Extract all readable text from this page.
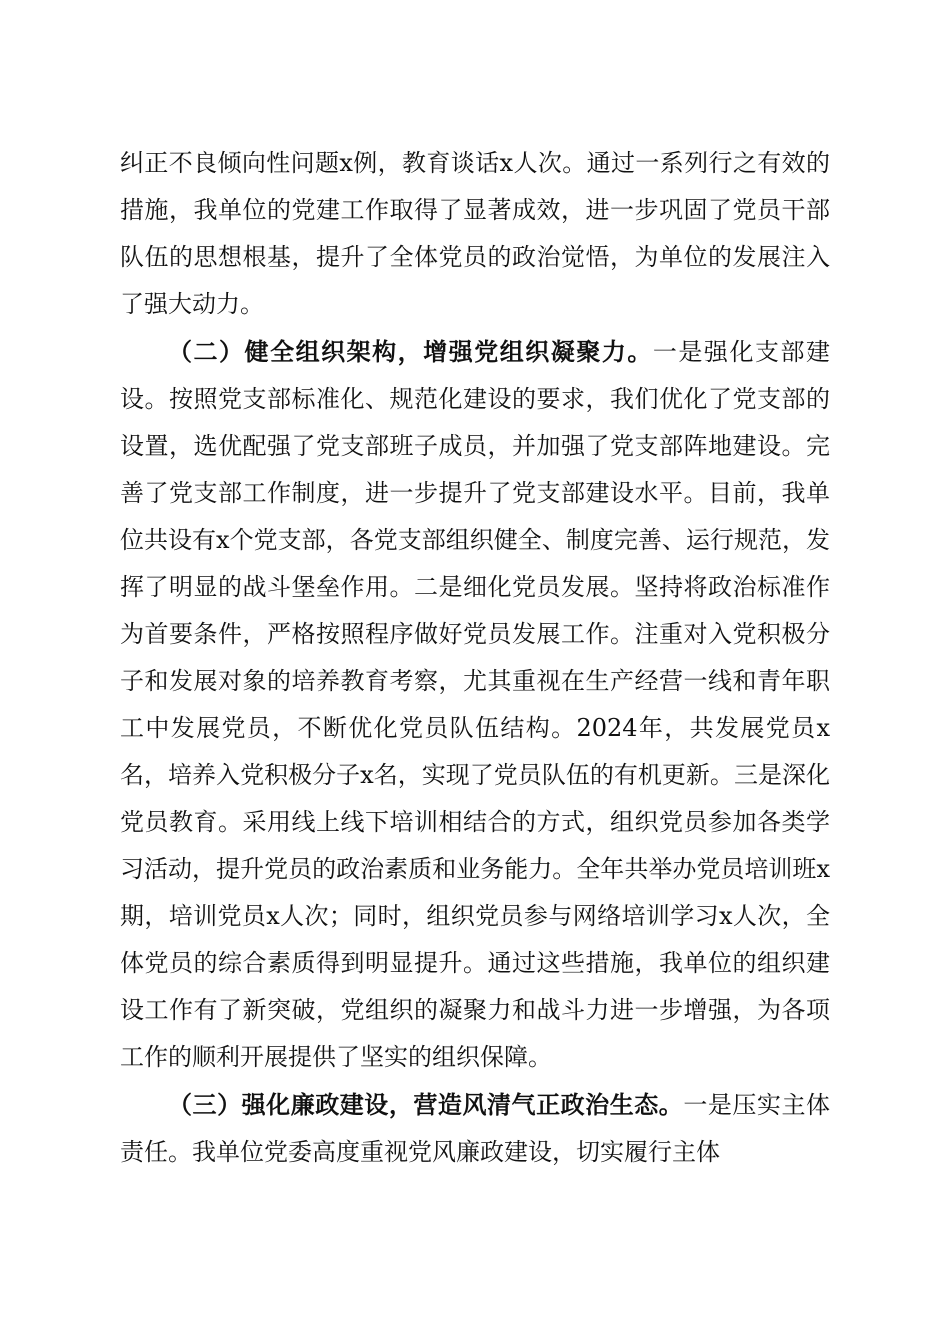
纠正不良倾向性问题x例，教育谈话x人次。通过一系列行之有效的措施，我单位的党建工作取得了显著成效，进一步巩固了党员干部队伍的思想根基，提升了全体党员的政治觉悟，为单位的发展注入了强大动力。

（二）健全组织架构，增强党组织凝聚力。一是强化支部建设。按照党支部标准化、规范化建设的要求，我们优化了党支部的设置，选优配强了党支部班子成员，并加强了党支部阵地建设。完善了党支部工作制度，进一步提升了党支部建设水平。目前，我单位共设有x个党支部，各党支部组织健全、制度完善、运行规范，发挥了明显的战斗堡垒作用。二是细化党员发展。坚持将政治标准作为首要条件，严格按照程序做好党员发展工作。注重对入党积极分子和发展对象的培养教育考察，尤其重视在生产经营一线和青年职工中发展党员，不断优化党员队伍结构。2024年，共发展党员x名，培养入党积极分子x名，实现了党员队伍的有机更新。三是深化党员教育。采用线上线下培训相结合的方式，组织党员参加各类学习活动，提升党员的政治素质和业务能力。全年共举办党员培训班x期，培训党员x人次；同时，组织党员参与网络培训学习x人次，全体党员的综合素质得到明显提升。通过这些措施，我单位的组织建设工作有了新突破，党组织的凝聚力和战斗力进一步增强，为各项工作的顺利开展提供了坚实的组织保障。

（三）强化廉政建设，营造风清气正政治生态。一是压实主体责任。我单位党委高度重视党风廉政建设，切实履行主体
